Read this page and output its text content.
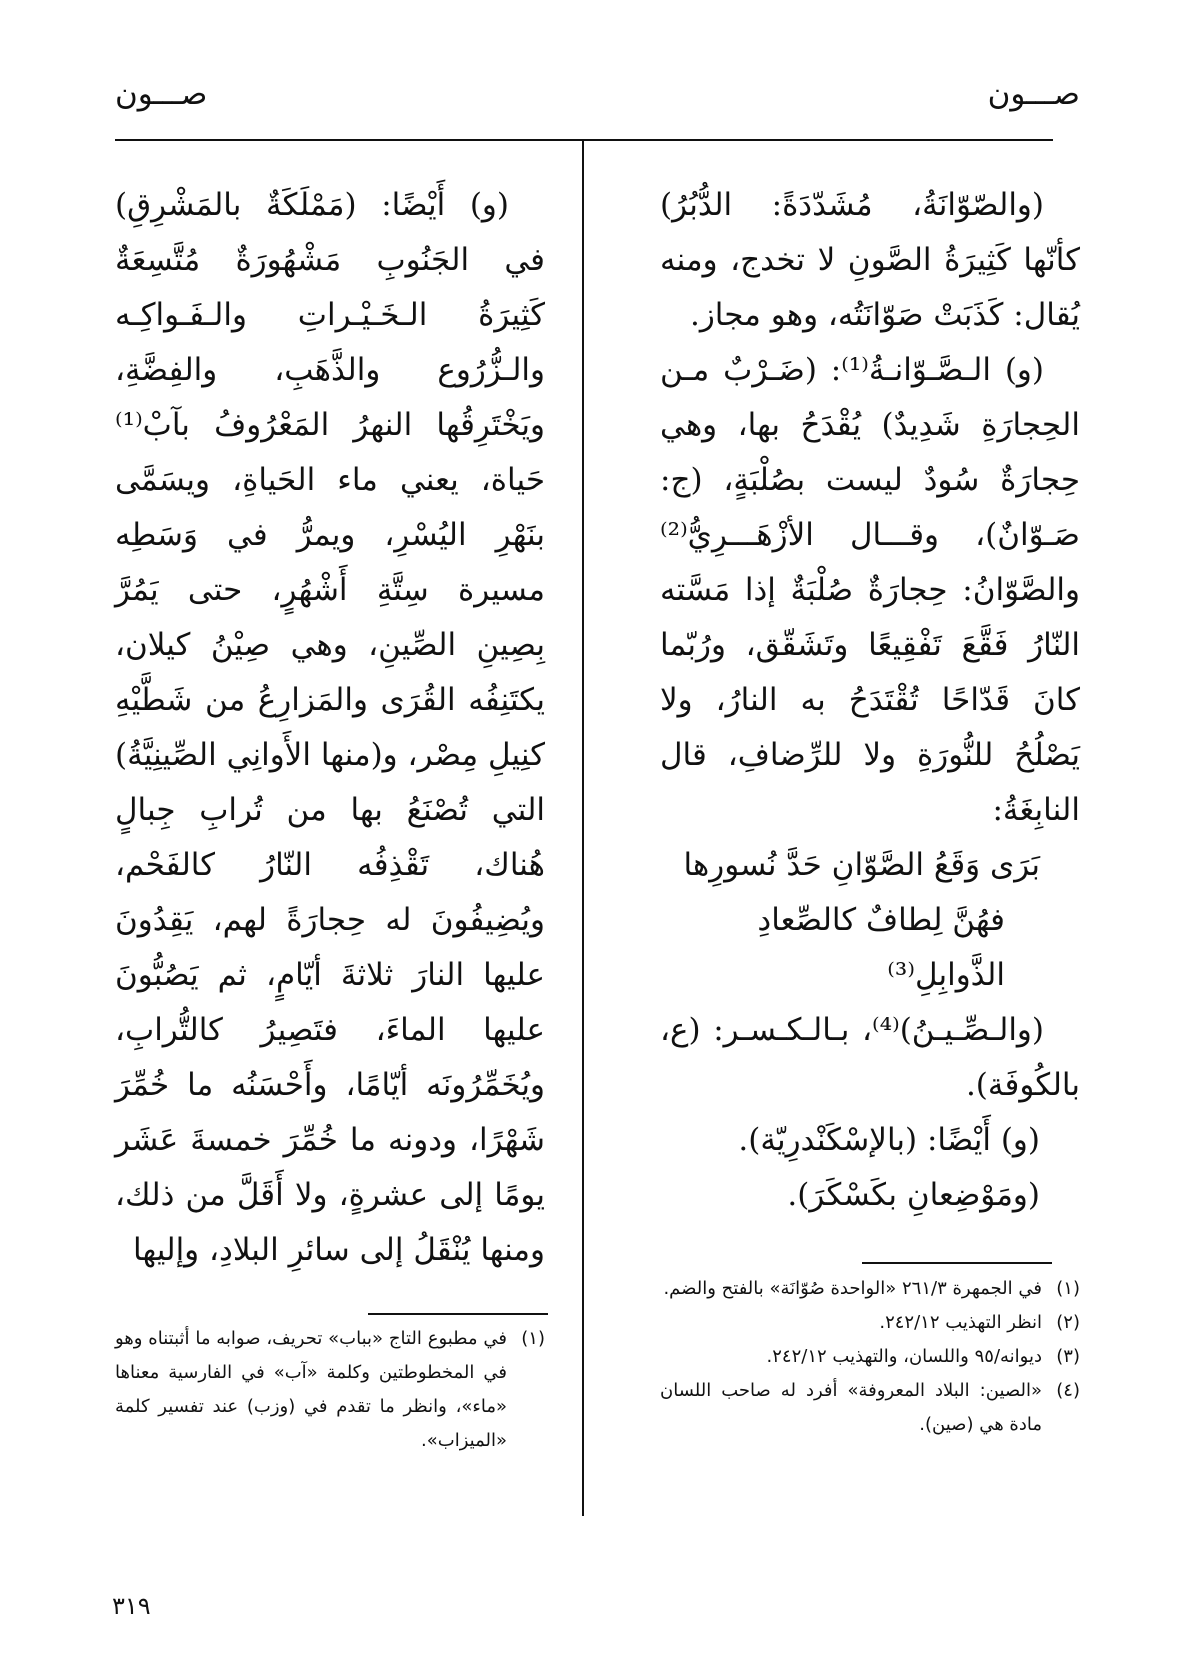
صـــون
صـــون

(والصّوّانَةُ، مُشَدّدَةً: الدُّبُرُ) كأنّها كَثِيرَةُ الصَّونِ لا تخدج، ومنه يُقال: كَذَبَتْ صَوّانَتُه، وهو مجاز.

(و) الـصَّـوّانـةُ⁽¹⁾: (ضَـرْبٌ مـن الحِجارَةِ شَدِيدٌ) يُقْدَحُ بها، وهي حِجارَةٌ سُودٌ ليست بصُلْبَةٍ، (ج: صَـوّانٌ)، وقـــال الأزْهَـــرِيُّ⁽²⁾ والصَّوّانُ: حِجارَةٌ صُلْبَةٌ إذا مَسَّته النّارُ فَقَّعَ تَفْقِيعًا وتَشَقّق، ورُبّما كانَ قَدّاحًا تُقْتَدَحُ به النارُ، ولا يَصْلُحُ للنُّورَةِ ولا للرِّضافِ، قال النابِغَةُ:

بَرَى وَقَعُ الصَّوّانِ حَدَّ نُسورِها

فهُنَّ لِطافٌ كالصِّعادِ الذَّوابِلِ⁽³⁾

(والـصِّـيـنُ)⁽⁴⁾، بـالـكـسـر: (ع، بالكُوفَة).

(و) أَيْضًا: (بالإسْكَنْدرِيّة).

(ومَوْضِعانِ بكَسْكَرَ).

(و) أَيْضًا: (مَمْلَكَةٌ بالمَشْرِقِ) في الجَنُوبِ مَشْهُورَةٌ مُتَّسِعَةٌ كَثِيرَةُ الـخَـيْـراتِ والـفَـواكِـه والـزُّرُوع والذَّهَبِ، والفِضَّةِ، ويَخْتَرِقُها النهرُ المَعْرُوفُ بآبْ⁽¹⁾ حَياة، يعني ماء الحَياةِ، ويسَمَّى بنَهْرِ اليُسْرِ، ويمرُّ في وَسَطِه مسيرة سِتَّةِ أَشْهُرٍ، حتى يَمُرَّ بِصِينِ الصِّينِ، وهي صِيْنُ كيلان، يكتَنِفُه القُرَى والمَزارِعُ من شَطَّيْهِ كنِيلِ مِصْر، و(منها الأَوانِي الصِّينِيَّةُ) التي تُصْنَعُ بها من تُرابِ جِبالٍ هُناك، تَقْذِفُه النّارُ كالفَحْم، ويُضِيفُونَ له حِجارَةً لهم، يَقِدُونَ عليها النارَ ثلاثةَ أيّامٍ، ثم يَصُبُّونَ عليها الماءَ، فتَصِيرُ كالتُّرابِ، ويُخَمِّرُونَه أيّامًا، وأَحْسَنُه ما خُمِّرَ شَهْرًا، ودونه ما خُمِّرَ خمسةَ عَشَر يومًا إلى عشرةٍ، ولا أَقَلَّ من ذلك، ومنها يُنْقَلُ إلى سائرِ البلادِ، وإليها

(١)
في الجمهرة ٢٦١/٣ «الواحدة صُوّانَة» بالفتح والضم.

(٢)
انظر التهذيب ٢٤٢/١٢.

(٣)
ديوانه/٩٥ واللسان، والتهذيب ٢٤٢/١٢.

(٤)
«الصين: البلاد المعروفة» أفرد له صاحب اللسان مادة هي (صين).

(١)
في مطبوع التاج «بباب» تحريف، صوابه ما أثبتناه وهو في المخطوطتين وكلمة «آب» في الفارسية معناها «ماء»، وانظر ما تقدم في (وزب) عند تفسير كلمة «الميزاب».

٣١٩
